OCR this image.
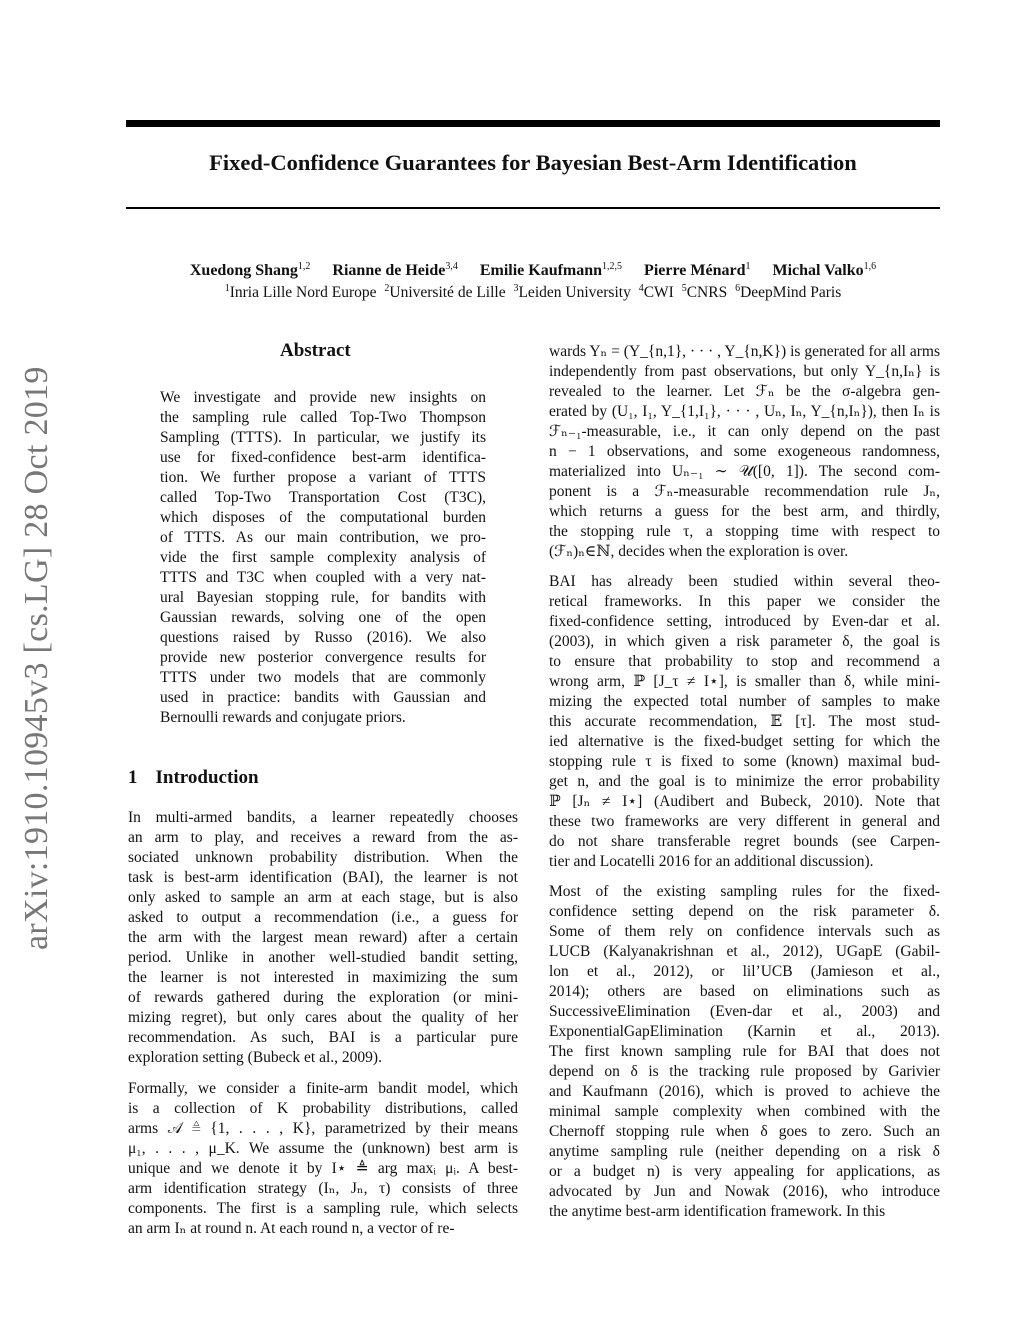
Fixed-Confidence Guarantees for Bayesian Best-Arm Identification
Xuedong Shang$^{1,2}$ Rianne de Heide$^{3,4}$ Emilie Kaufmann$^{1,2,5}$ Pierre Ménard$^1$ Michal Valko$^{1,6}$
$^1$Inria Lille Nord Europe $^2$Université de Lille $^3$Leiden University $^4$CWI $^5$CNRS $^6$DeepMind Paris
arXiv:1910.10945v3 [cs.LG] 28 Oct 2019
Abstract
We investigate and provide new insights on
the sampling rule called Top-Two Thompson
Sampling (TTTS). In particular, we justify its
use for fixed-confidence best-arm identifica-
tion. We further propose a variant of TTTS
called Top-Two Transportation Cost (T3C),
which disposes of the computational burden
of TTTS. As our main contribution, we pro-
vide the first sample complexity analysis of
TTTS and T3C when coupled with a very nat-
ural Bayesian stopping rule, for bandits with
Gaussian rewards, solving one of the open
questions raised by Russo (2016). We also
provide new posterior convergence results for
TTTS under two models that are commonly
used in practice: bandits with Gaussian and
Bernoulli rewards and conjugate priors.
1 Introduction
In multi-armed bandits, a learner repeatedly chooses
an arm to play, and receives a reward from the as-
sociated unknown probability distribution. When the
task is best-arm identification (BAI), the learner is not
only asked to sample an arm at each stage, but is also
asked to output a recommendation (i.e., a guess for
the arm with the largest mean reward) after a certain
period. Unlike in another well-studied bandit setting,
the learner is not interested in maximizing the sum
of rewards gathered during the exploration (or mini-
mizing regret), but only cares about the quality of her
recommendation. As such, BAI is a particular pure
exploration setting (Bubeck et al., 2009).
Formally, we consider a finite-arm bandit model, which
is a collection of K probability distributions, called
arms 𝒜 ≜ {1, . . . , K}, parametrized by their means
μ₁, . . . , μ_K. We assume the (unknown) best arm is
unique and we denote it by I⋆ ≜ arg maxᵢ μᵢ. A best-
arm identification strategy (Iₙ, Jₙ, τ) consists of three
components. The first is a sampling rule, which selects
an arm Iₙ at round n. At each round n, a vector of re-
wards Yₙ = (Y_{n,1}, · · · , Y_{n,K}) is generated for all arms
independently from past observations, but only Y_{n,Iₙ} is
revealed to the learner. Let ℱₙ be the σ-algebra gen-
erated by (U₁, I₁, Y_{1,I₁}, · · · , Uₙ, Iₙ, Y_{n,Iₙ}), then Iₙ is
ℱₙ₋₁-measurable, i.e., it can only depend on the past
n − 1 observations, and some exogeneous randomness,
materialized into Uₙ₋₁ ∼ 𝒰([0, 1]). The second com-
ponent is a ℱₙ-measurable recommendation rule Jₙ,
which returns a guess for the best arm, and thirdly,
the stopping rule τ, a stopping time with respect to
(ℱₙ)ₙ∈ℕ, decides when the exploration is over.
BAI has already been studied within several theo-
retical frameworks. In this paper we consider the
fixed-confidence setting, introduced by Even-dar et al.
(2003), in which given a risk parameter δ, the goal is
to ensure that probability to stop and recommend a
wrong arm, ℙ [J_τ ≠ I⋆], is smaller than δ, while mini-
mizing the expected total number of samples to make
this accurate recommendation, 𝔼 [τ]. The most stud-
ied alternative is the fixed-budget setting for which the
stopping rule τ is fixed to some (known) maximal bud-
get n, and the goal is to minimize the error probability
ℙ [Jₙ ≠ I⋆] (Audibert and Bubeck, 2010). Note that
these two frameworks are very different in general and
do not share transferable regret bounds (see Carpen-
tier and Locatelli 2016 for an additional discussion).
Most of the existing sampling rules for the fixed-
confidence setting depend on the risk parameter δ.
Some of them rely on confidence intervals such as
LUCB (Kalyanakrishnan et al., 2012), UGapE (Gabil-
lon et al., 2012), or lil’UCB (Jamieson et al.,
2014); others are based on eliminations such as
SuccessiveElimination (Even-dar et al., 2003) and
ExponentialGapElimination (Karnin et al., 2013).
The first known sampling rule for BAI that does not
depend on δ is the tracking rule proposed by Garivier
and Kaufmann (2016), which is proved to achieve the
minimal sample complexity when combined with the
Chernoff stopping rule when δ goes to zero. Such an
anytime sampling rule (neither depending on a risk δ
or a budget n) is very appealing for applications, as
advocated by Jun and Nowak (2016), who introduce
the anytime best-arm identification framework. In this
